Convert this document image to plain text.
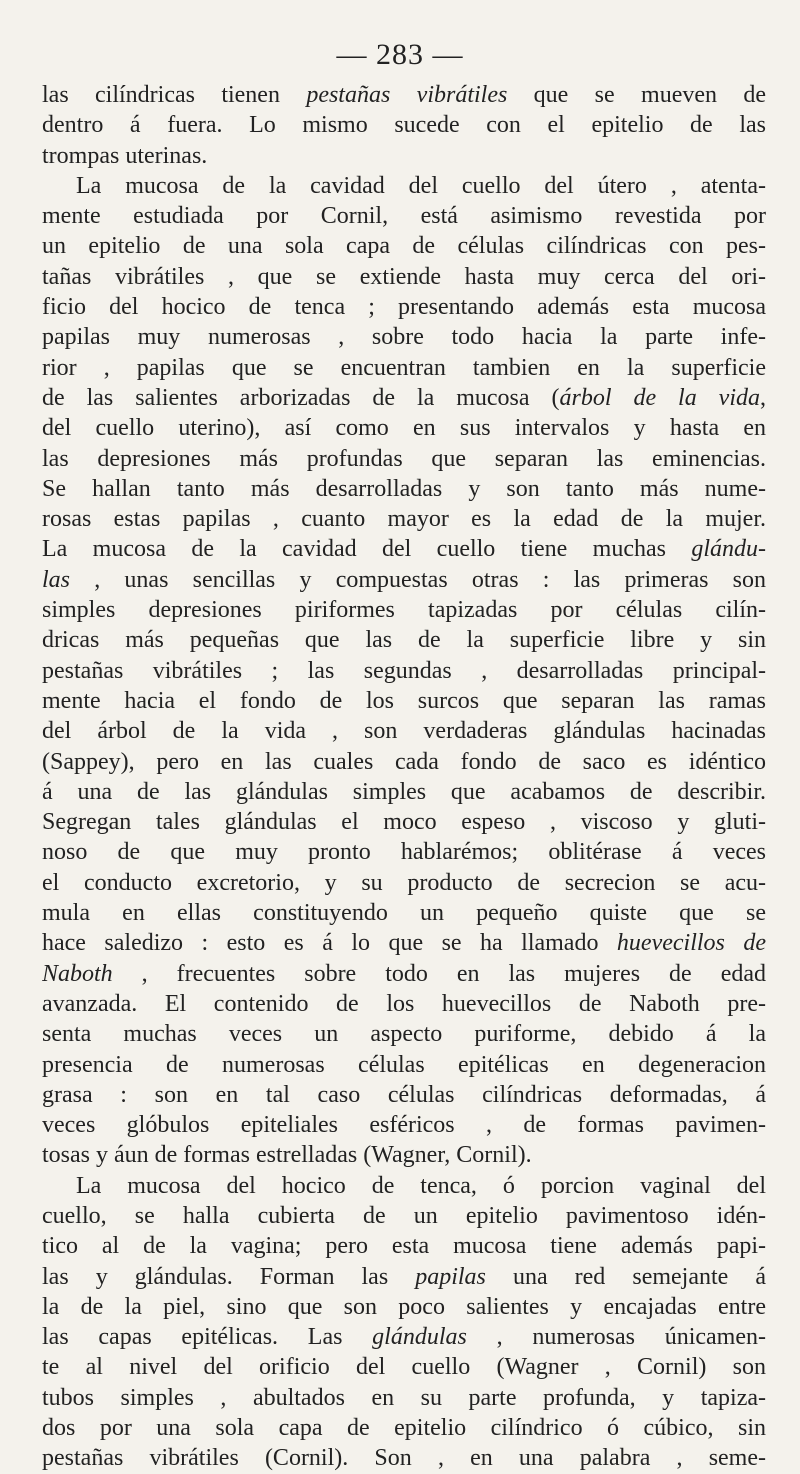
— 283 —
las cilíndricas tienen pestañas vibrátiles que se mueven de
dentro á fuera. Lo mismo sucede con el epitelio de las
trompas uterinas.
La mucosa de la cavidad del cuello del útero , atenta-
mente estudiada por Cornil, está asimismo revestida por
un epitelio de una sola capa de células cilíndricas con pes-
tañas vibrátiles , que se extiende hasta muy cerca del ori-
ficio del hocico de tenca ; presentando además esta mucosa
papilas muy numerosas , sobre todo hacia la parte infe-
rior , papilas que se encuentran tambien en la superficie
de las salientes arborizadas de la mucosa (árbol de la vida,
del cuello uterino), así como en sus intervalos y hasta en
las depresiones más profundas que separan las eminencias.
Se hallan tanto más desarrolladas y son tanto más nume-
rosas estas papilas , cuanto mayor es la edad de la mujer.
La mucosa de la cavidad del cuello tiene muchas glándu-
las , unas sencillas y compuestas otras : las primeras son
simples depresiones piriformes tapizadas por células cilín-
dricas más pequeñas que las de la superficie libre y sin
pestañas vibrátiles ; las segundas , desarrolladas principal-
mente hacia el fondo de los surcos que separan las ramas
del árbol de la vida , son verdaderas glándulas hacinadas
(Sappey), pero en las cuales cada fondo de saco es idéntico
á una de las glándulas simples que acabamos de describir.
Segregan tales glándulas el moco espeso , viscoso y gluti-
noso de que muy pronto hablarémos; oblitérase á veces
el conducto excretorio, y su producto de secrecion se acu-
mula en ellas constituyendo un pequeño quiste que se
hace saledizo : esto es á lo que se ha llamado huevecillos de
Naboth , frecuentes sobre todo en las mujeres de edad
avanzada. El contenido de los huevecillos de Naboth pre-
senta muchas veces un aspecto puriforme, debido á la
presencia de numerosas células epitélicas en degeneracion
grasa : son en tal caso células cilíndricas deformadas, á
veces glóbulos epiteliales esféricos , de formas pavimen-
tosas y áun de formas estrelladas (Wagner, Cornil).
La mucosa del hocico de tenca, ó porcion vaginal del
cuello, se halla cubierta de un epitelio pavimentoso idén-
tico al de la vagina; pero esta mucosa tiene además papi-
las y glándulas. Forman las papilas una red semejante á
la de la piel, sino que son poco salientes y encajadas entre
las capas epitélicas. Las glándulas , numerosas únicamen-
te al nivel del orificio del cuello (Wagner , Cornil) son
tubos simples , abultados en su parte profunda, y tapiza-
dos por una sola capa de epitelio cilíndrico ó cúbico, sin
pestañas vibrátiles (Cornil). Son , en una palabra , seme-
